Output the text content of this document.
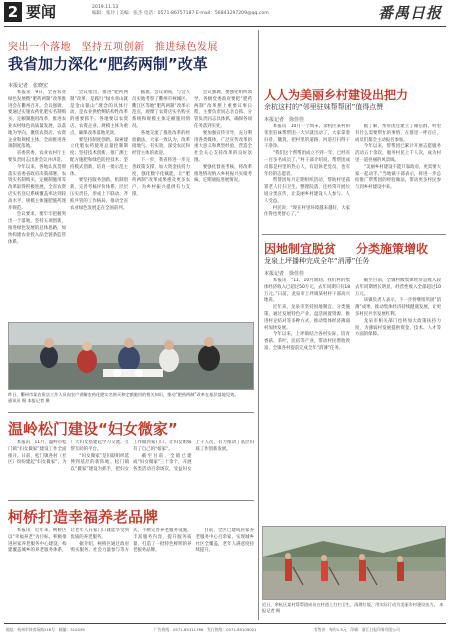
2 要闻	2019.11.13
编辑：张玲 | 美编：张杰 电话：0571-86757187 E-mail：56843297209@qq.com	番禺日报
突出一个落地　坚持五项创新　推进绿色发展
我省加力深化“肥药两制”改革
本报记者　张晓宏

本报讯　9日，全省农业绿色发展暨“肥药两制”改革推进会在衢州召开。会议强调，要通过实施农药化肥实名制购买、定额制施用改革，推进农业农村绿色高质量发展，以落地为导向，聚焦农资店、农资企业和规模主体，全面推进各项制度落地。

省委常委、农业农村厅主要负责同志出席会议并讲话。

今年以来，各地认真贯彻落实省委省政府决策部署，农资实名制购买、定额制施用等改革取得积极进展。全省农资店实名登记系统覆盖率达到较高水平，规模主体施肥施药逐步规范。

会议要求，要牢牢把握突出一个落地，坚持五项创新，推进绿色发展的总体思路，加快构建农业投入品全链条监管体系。

会议指出，推进“肥药两制”改革，是践行“绿水青山就是金山银山”理念的具体行动，是农业供给侧结构性改革的重要抓手。各地要以农资店、农资企业、规模主体为重点，确保改革落地见效。

要坚持制度创新，探索建立化肥农药使用总量控制制度；坚持技术创新，推广测土配方施肥和绿色防控技术；坚持模式创新，培育一批示范主体。

要坚持服务创新、机制创新，完善考核评价体系，层层压实责任，形成上下联动、齐抓共管的工作格局，推动全省农业绿色发展走在全国前列。

据悉，会议期间，与会人员实地考察了衢州市柯城区、衢江区等地“肥药两制”改革示范点，观摩了农资店实名购买系统和规模主体定额施用情况。

各地交流了推进改革的经验做法，大家一致认为，改革接地气、有实效，深受农民和经营主体的欢迎。

下一步，我省将进一步完善政策支撑，加大资金扶持力度，强化数字化赋能，让“肥药两制”改革成果惠及更多农户，为乡村振兴提供有力支撑。

会议强调，要强化组织领导，各级党委政府要把“肥药两制”改革摆上重要议事日程，主要负责同志亲自抓、分管负责同志具体抓，确保各项任务落到实处。

要加强宣传引导，充分利用各类媒体，广泛宣传改革的重大意义和典型经验，营造全社会关心支持改革的良好氛围。

要强化督查考核，将改革推进情况纳入乡村振兴实绩考核，定期通报进展情况。

昨日，衢州市某农资店工作人员向农户讲解农药化肥实名购买和定额施用的相关知识，推动“肥药两制”改革在基层落地见效。　　　　通讯员 摄 本报记者 摄
温岭松门建设“妇女微家”

本报讯　11月，温岭市松门镇“妇女微家”建设工作全面推开。日前，松门镇各村（社区）纷纷建起“妇女微家”，为广大妇女搭建起学习交流、互帮互助的平台。

“妇女微家”是妇联组织延伸到基层的新阵地。松门镇以“微家”建设为抓手，把妇女工作做到家门口，让妇女姐妹有了自己的“娘家”。

截至目前，全镇已建成“妇女微家”三十余个，开展各类活动百余场次，受益妇女上千人次，有力推动了基层妇联工作创新发展。

柯桥打造幸福养老品牌

本报讯　近年来，柯桥区以“幸福养老”为目标，积极推进居家养老服务中心建设，构建覆盖城乡的养老服务体系，让老年人在家门口就能享受到优质的养老服务。

据介绍，柯桥区通过政府购买服务、社会力量参与等方式，不断完善养老服务设施，丰富服务内容，提升服务质量，打造了一批特色鲜明的养老服务品牌。

目前，全区已建成居家养老服务中心百余家，实现城乡社区全覆盖，老年人满意度持续提升。

人人为美丽乡村建设出把力
余杭这村的“邻里驻妹帮帮团”值得点赞
本报记者　徐佳佳

本报讯　10月一个周末，余杭区某村的邻里驻妹帮帮团一大早就出动了，大家拿着扫帚、簸箕，把村里的道路、河道打扫得干干净净。

“我们这个帮帮团成立不到一年，已经有一百多名成员了。”村干部介绍说，帮帮团成员都是村里的热心人，有退休老党员，也有年轻的志愿者。

帮帮团每月定期组织活动，帮助村里孤寡老人打扫卫生、整理院落，还经常开展垃圾分类宣传，让美丽乡村建设人人参与、人人受益。

村民说：“现在村里环境越来越好，大家住得也更舒心了。”

据了解，帮帮团还建立了微信群，村里有什么需要帮忙的事情，在群里一呼百应，成员们都会主动报名参加。

今年以来，帮帮团已累计开展志愿服务活动五十余次，服务村民上千人次，成为村里一道亮丽的风景线。

“美丽乡村建设不能只靠政府，更需要大家一起动手。”当地镇干部表示，将进一步总结推广帮帮团的经验做法，带动更多村民参与到乡村建设中来。

因地制宜脱贫 分类施策增收
龙泉上坪播种完成全年“消薄”任务
本报记者　徐佳佳

本报讯　“11、10月期间，我们村的集体经济收入已超过50万元，去年同期只有18万元。”日前，龙泉市上坪镇某村村干部高兴地说。

近年来，龙泉市坚持因地制宜、分类施策，通过发展特色产业、盘活闲置资源、推进村企结对等多种方式，推动集体经济薄弱村加快发展。

今年以来，上坪镇结合各村实际，培育香菇、茶叶、民宿等产业，带动村民增收致富，全镇各村提前完成全年“消薄”任务。

截至目前，全镇村级集体经济总收入较去年同期增长明显，经营性收入全部超过10万元。

该镇负责人表示，下一步将继续巩固“消薄”成果，推动集体经济持续健康发展，让更多村民共享发展红利。

龙泉市相关部门也将加大政策扶持力度，为薄弱村发展提供资金、技术、人才等方面的保障。

近日，余杭区某村帮帮团成员在村道上打扫卫生，清理垃圾，用实际行动为美丽乡村建设出力。 本报记者 摄
地址：杭州市体育场路218号　邮编：310039	广告热线：0571-85311766　发行热线：0571-85109001	零售价：每份1.5元　印刷：浙江日报印务有限公司
